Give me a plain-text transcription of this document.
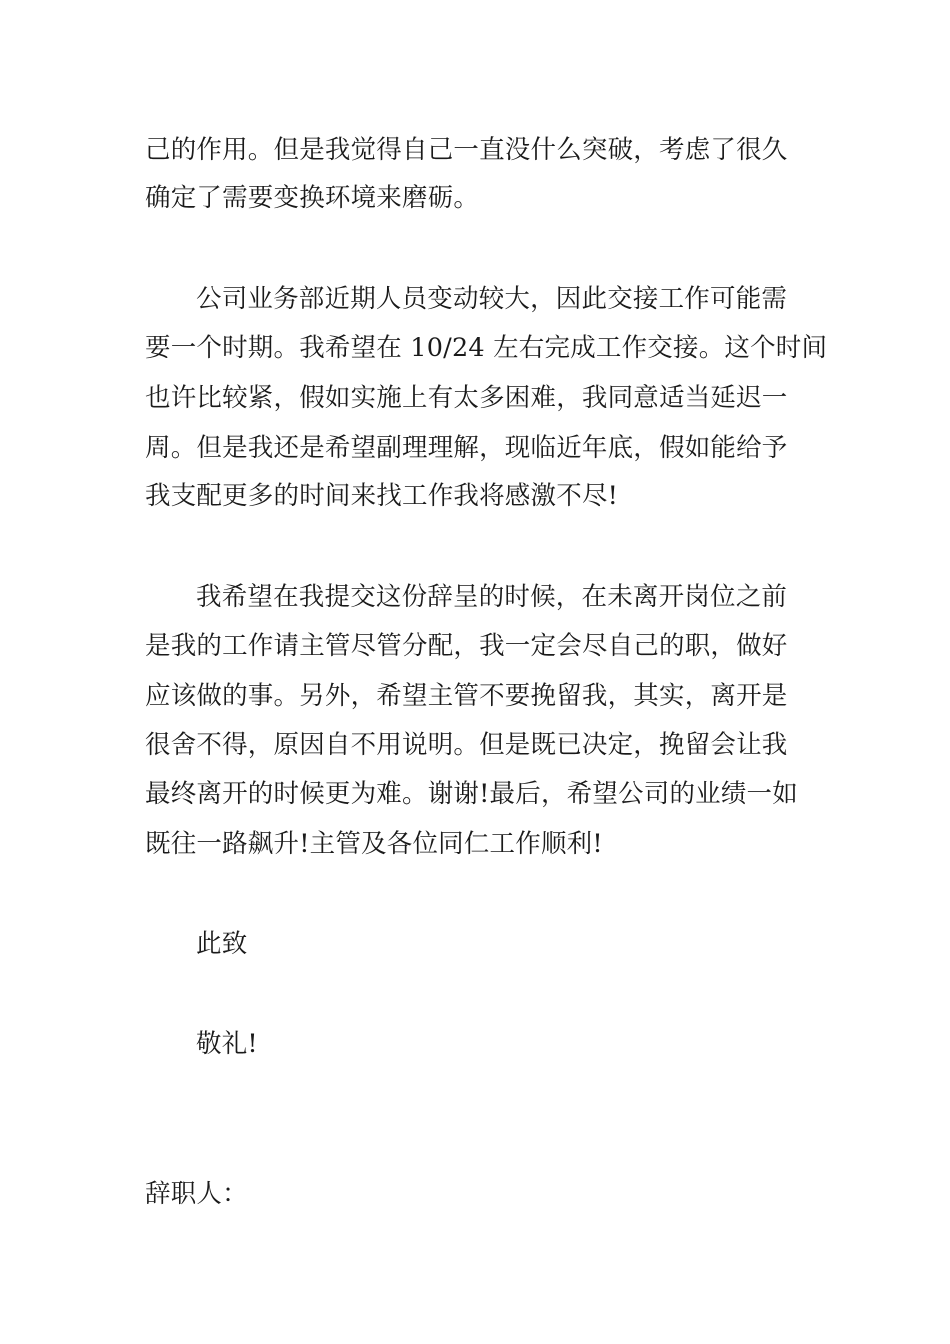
己的作用。但是我觉得自己一直没什么突破，考虑了很久
确定了需要变换环境来磨砺。
公司业务部近期人员变动较大，因此交接工作可能需
要一个时期。我希望在 10/24 左右完成工作交接。这个时间
也许比较紧，假如实施上有太多困难，我同意适当延迟一
周。但是我还是希望副理理解，现临近年底，假如能给予
我支配更多的时间来找工作我将感激不尽!
我希望在我提交这份辞呈的时候，在未离开岗位之前
是我的工作请主管尽管分配，我一定会尽自己的职，做好
应该做的事。另外，希望主管不要挽留我，其实，离开是
很舍不得，原因自不用说明。但是既已决定，挽留会让我
最终离开的时候更为难。谢谢!最后，希望公司的业绩一如
既往一路飙升!主管及各位同仁工作顺利!
此致
敬礼!
辞职人：
